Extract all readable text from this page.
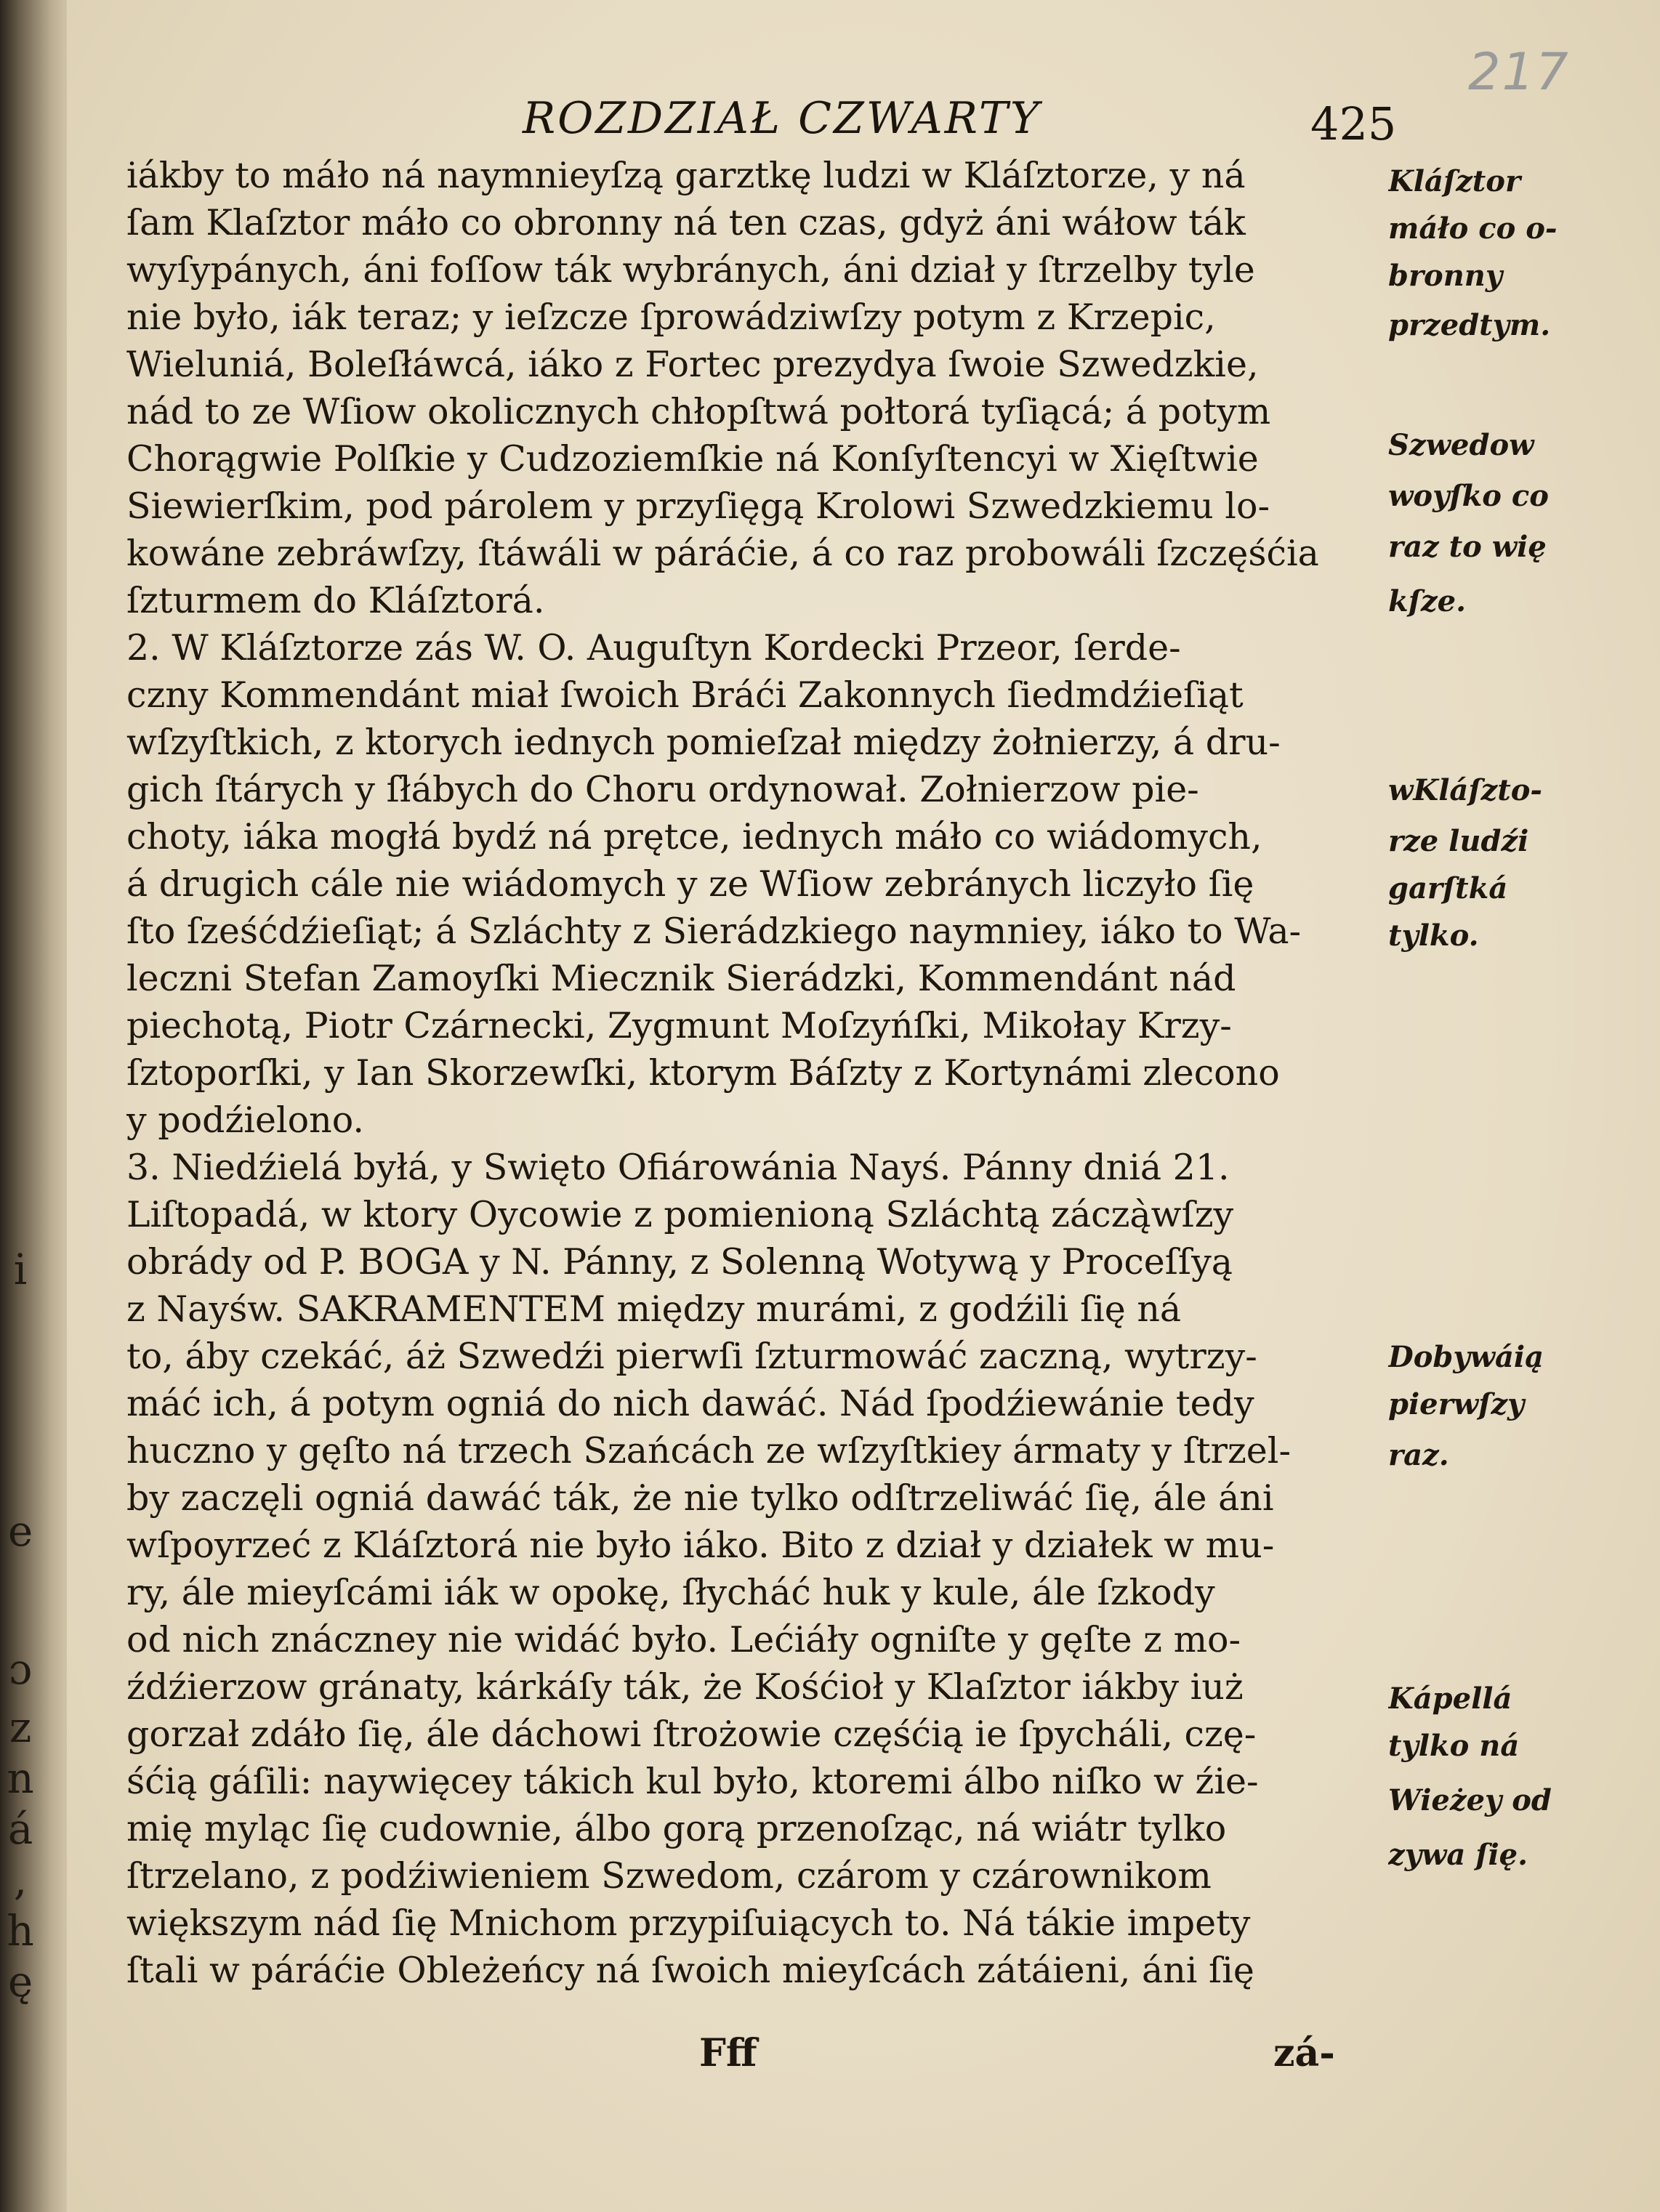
i
e
ɔ
z
n
á
,
h
ę
217
ROZDZIAŁ CZWARTY	425
iákby to máło ná naymnieyſzą garztkę ludzi w Kláſztorze, y ná
ſam Klaſztor máło co obronny ná ten czas, gdyż áni wáłow ták
wyſypánych, áni foſſow ták wybránych, áni dział y ſtrzelby tyle
nie było, iák teraz; y ieſzcze ſprowádziwſzy potym z Krzepic,
Wieluniá, Boleſłáwcá, iáko z Fortec prezydya ſwoie Szwedzkie,
nád to ze Wſiow okolicznych chłopſtwá połtorá tyſiącá; á potym
Chorągwie Polſkie y Cudzoziemſkie ná Konſyſtencyi w Xięſtwie
Siewierſkim, pod párolem y przyſięgą Krolowi Szwedzkiemu lo-
kowáne zebráwſzy, ſtáwáli w páráćie, á co raz probowáli ſzczęśćia
ſzturmem do Kláſztorá.
2. W Kláſztorze zás W. O. Auguſtyn Kordecki Przeor, ſerde-
czny Kommendánt miał ſwoich Bráći Zakonnych ſiedmdźieſiąt
wſzyſtkich, z ktorych iednych pomieſzał między żołnierzy, á dru-
gich ſtárych y ſłábych do Choru ordynował. Zołnierzow pie-
choty, iáka mogłá bydź ná prętce, iednych máło co wiádomych,
á drugich cále nie wiádomych y ze Wſiow zebránych liczyło ſię
ſto ſześćdźieſiąt; á Szláchty z Sierádzkiego naymniey, iáko to Wa-
leczni Stefan Zamoyſki Miecznik Sierádzki, Kommendánt nád
piechotą, Piotr Czárnecki, Zygmunt Moſzyńſki, Mikołay Krzy-
ſztoporſki, y Ian Skorzewſki, ktorym Báſzty z Kortynámi zlecono
y podźielono.
3. Niedźielá byłá, y Swięto Ofiárowánia Nayś. Pánny dniá 21.
Liſtopadá, w ktory Oycowie z pomienioną Szláchtą záczą̀wſzy
obrády od P. BOGA y N. Pánny, z Solenną Wotywą y Proceſſyą
z Nayśw. SAKRAMENTEM między murámi, z godźili ſię ná
to, áby czekáć, áż Szwedźi pierwſi ſzturmowáć zaczną, wytrzy-
máć ich, á potym ogniá do nich dawáć. Nád ſpodźiewánie tedy
huczno y gęſto ná trzech Szańcách ze wſzyſtkiey ármaty y ſtrzel-
by zaczęli ogniá dawáć ták, że nie tylko odſtrzeliwáć ſię, ále áni
wſpoyrzeć z Kláſztorá nie było iáko. Bito z dział y działek w mu-
ry, ále mieyſcámi iák w opokę, ſłycháć huk y kule, ále ſzkody
od nich znáczney nie widáć było. Lećiáły ogniſte y gęſte z mo-
źdźierzow gránaty, kárkáſy ták, że Kośćioł y Klaſztor iákby iuż
gorzał zdáło ſię, ále dáchowi ſtrożowie częśćią ie ſpycháli, czę-
śćią gáſili: naywięcey tákich kul było, ktoremi álbo niſko w źie-
mię myląc ſię cudownie, álbo gorą przenoſząc, ná wiátr tylko
ſtrzelano, z podźiwieniem Szwedom, czárom y czárownikom
większym nád ſię Mnichom przypiſuiących to. Ná tákie impety
ſtali w páráćie Obleżeńcy ná ſwoich mieyſcách zátáieni, áni ſię
Kláſztor
máło co o-
bronny
przedtym.
Szwedow
woyſko co
raz to wię
kſze.
wKláſzto-
rze ludźi
garſtká
tylko.
Dobywáią
pierwſzy
raz.
Kápellá
tylko ná
Wieżey od
zywa ſię.
Fff	zá-
